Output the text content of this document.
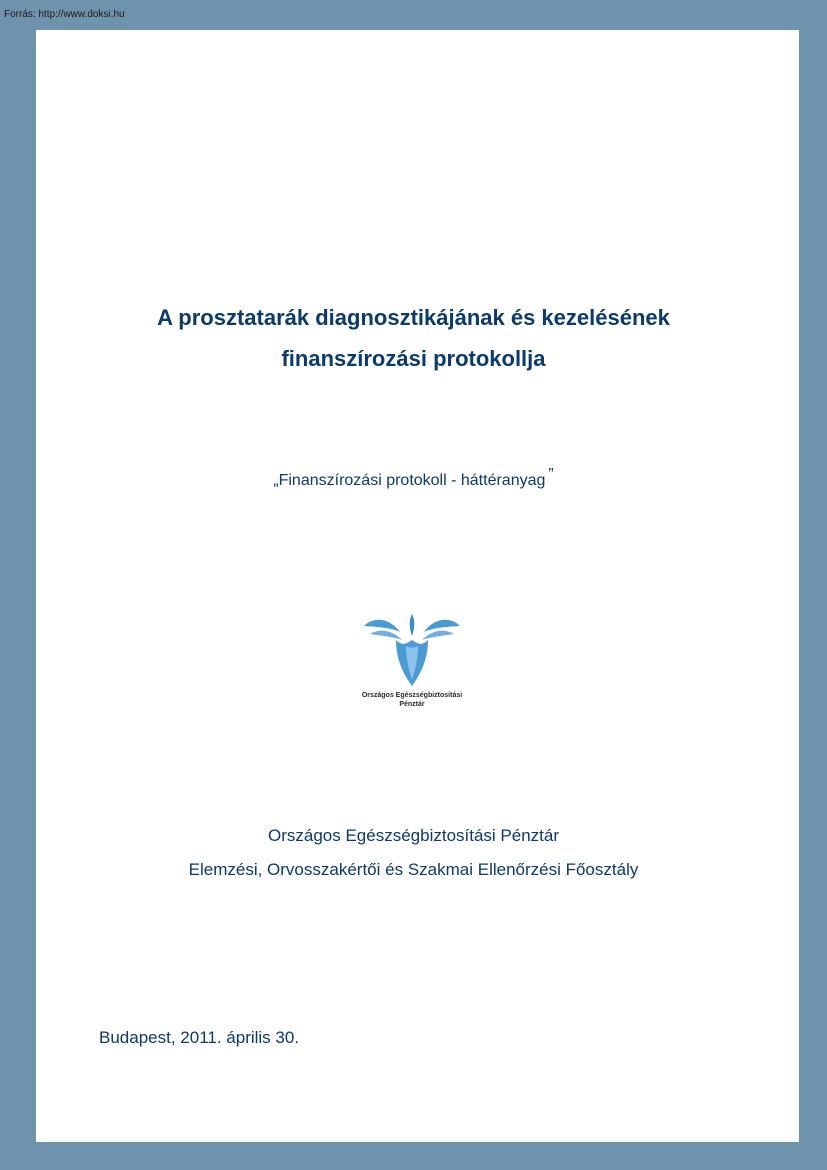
Forrás: http://www.doksi.hu
A prosztatarák diagnosztikájának és kezelésének
finanszírozási protokollja
„Finanszírozási protokoll - háttéranyag ”
Országos Egészségbiztosítási
Pénztár
Országos Egészségbiztosítási Pénztár
Elemzési, Orvosszakértői és Szakmai Ellenőrzési Főosztály
Budapest, 2011. április 30.
